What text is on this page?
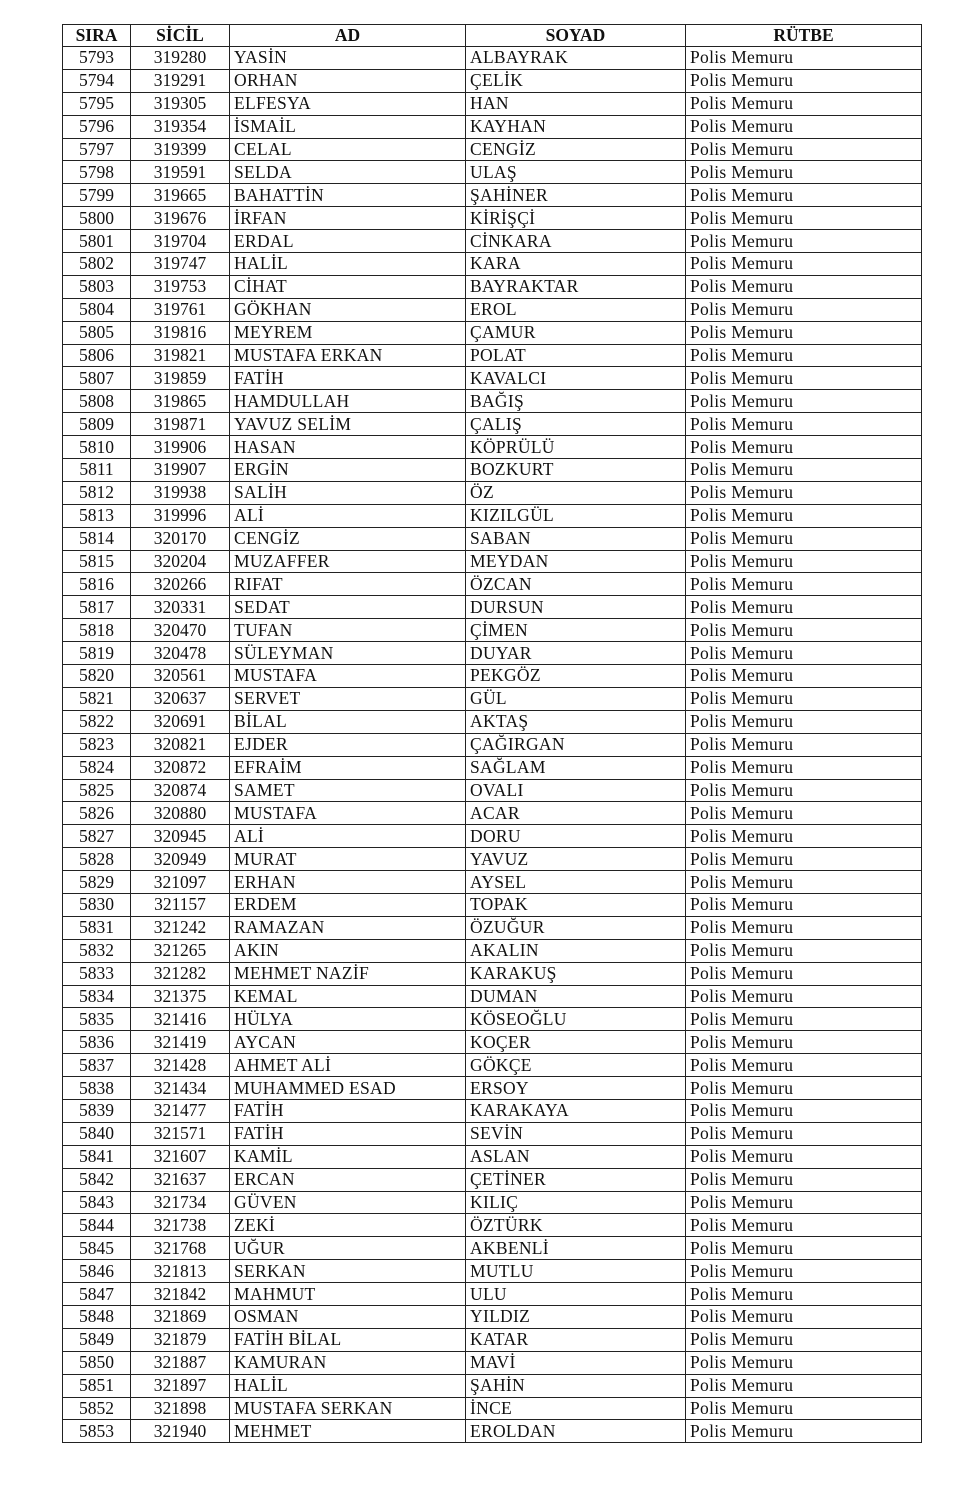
SIRA	SİCİL	AD	SOYAD	RÜTBE
5793	319280	YASİN	ALBAYRAK	Polis Memuru
5794	319291	ORHAN	ÇELİK	Polis Memuru
5795	319305	ELFESYA	HAN	Polis Memuru
5796	319354	İSMAİL	KAYHAN	Polis Memuru
5797	319399	CELAL	CENGİZ	Polis Memuru
5798	319591	SELDA	ULAŞ	Polis Memuru
5799	319665	BAHATTİN	ŞAHİNER	Polis Memuru
5800	319676	İRFAN	KİRİŞÇİ	Polis Memuru
5801	319704	ERDAL	CİNKARA	Polis Memuru
5802	319747	HALİL	KARA	Polis Memuru
5803	319753	CİHAT	BAYRAKTAR	Polis Memuru
5804	319761	GÖKHAN	EROL	Polis Memuru
5805	319816	MEYREM	ÇAMUR	Polis Memuru
5806	319821	MUSTAFA ERKAN	POLAT	Polis Memuru
5807	319859	FATİH	KAVALCI	Polis Memuru
5808	319865	HAMDULLAH	BAĞIŞ	Polis Memuru
5809	319871	YAVUZ SELİM	ÇALIŞ	Polis Memuru
5810	319906	HASAN	KÖPRÜLÜ	Polis Memuru
5811	319907	ERGİN	BOZKURT	Polis Memuru
5812	319938	SALİH	ÖZ	Polis Memuru
5813	319996	ALİ	KIZILGÜL	Polis Memuru
5814	320170	CENGİZ	SABAN	Polis Memuru
5815	320204	MUZAFFER	MEYDAN	Polis Memuru
5816	320266	RIFAT	ÖZCAN	Polis Memuru
5817	320331	SEDAT	DURSUN	Polis Memuru
5818	320470	TUFAN	ÇİMEN	Polis Memuru
5819	320478	SÜLEYMAN	DUYAR	Polis Memuru
5820	320561	MUSTAFA	PEKGÖZ	Polis Memuru
5821	320637	SERVET	GÜL	Polis Memuru
5822	320691	BİLAL	AKTAŞ	Polis Memuru
5823	320821	EJDER	ÇAĞIRGAN	Polis Memuru
5824	320872	EFRAİM	SAĞLAM	Polis Memuru
5825	320874	SAMET	OVALI	Polis Memuru
5826	320880	MUSTAFA	ACAR	Polis Memuru
5827	320945	ALİ	DORU	Polis Memuru
5828	320949	MURAT	YAVUZ	Polis Memuru
5829	321097	ERHAN	AYSEL	Polis Memuru
5830	321157	ERDEM	TOPAK	Polis Memuru
5831	321242	RAMAZAN	ÖZUĞUR	Polis Memuru
5832	321265	AKIN	AKALIN	Polis Memuru
5833	321282	MEHMET NAZİF	KARAKUŞ	Polis Memuru
5834	321375	KEMAL	DUMAN	Polis Memuru
5835	321416	HÜLYA	KÖSEOĞLU	Polis Memuru
5836	321419	AYCAN	KOÇER	Polis Memuru
5837	321428	AHMET ALİ	GÖKÇE	Polis Memuru
5838	321434	MUHAMMED ESAD	ERSOY	Polis Memuru
5839	321477	FATİH	KARAKAYA	Polis Memuru
5840	321571	FATİH	SEVİN	Polis Memuru
5841	321607	KAMİL	ASLAN	Polis Memuru
5842	321637	ERCAN	ÇETİNER	Polis Memuru
5843	321734	GÜVEN	KILIÇ	Polis Memuru
5844	321738	ZEKİ	ÖZTÜRK	Polis Memuru
5845	321768	UĞUR	AKBENLİ	Polis Memuru
5846	321813	SERKAN	MUTLU	Polis Memuru
5847	321842	MAHMUT	ULU	Polis Memuru
5848	321869	OSMAN	YILDIZ	Polis Memuru
5849	321879	FATİH BİLAL	KATAR	Polis Memuru
5850	321887	KAMURAN	MAVİ	Polis Memuru
5851	321897	HALİL	ŞAHİN	Polis Memuru
5852	321898	MUSTAFA SERKAN	İNCE	Polis Memuru
5853	321940	MEHMET	EROLDAN	Polis Memuru
